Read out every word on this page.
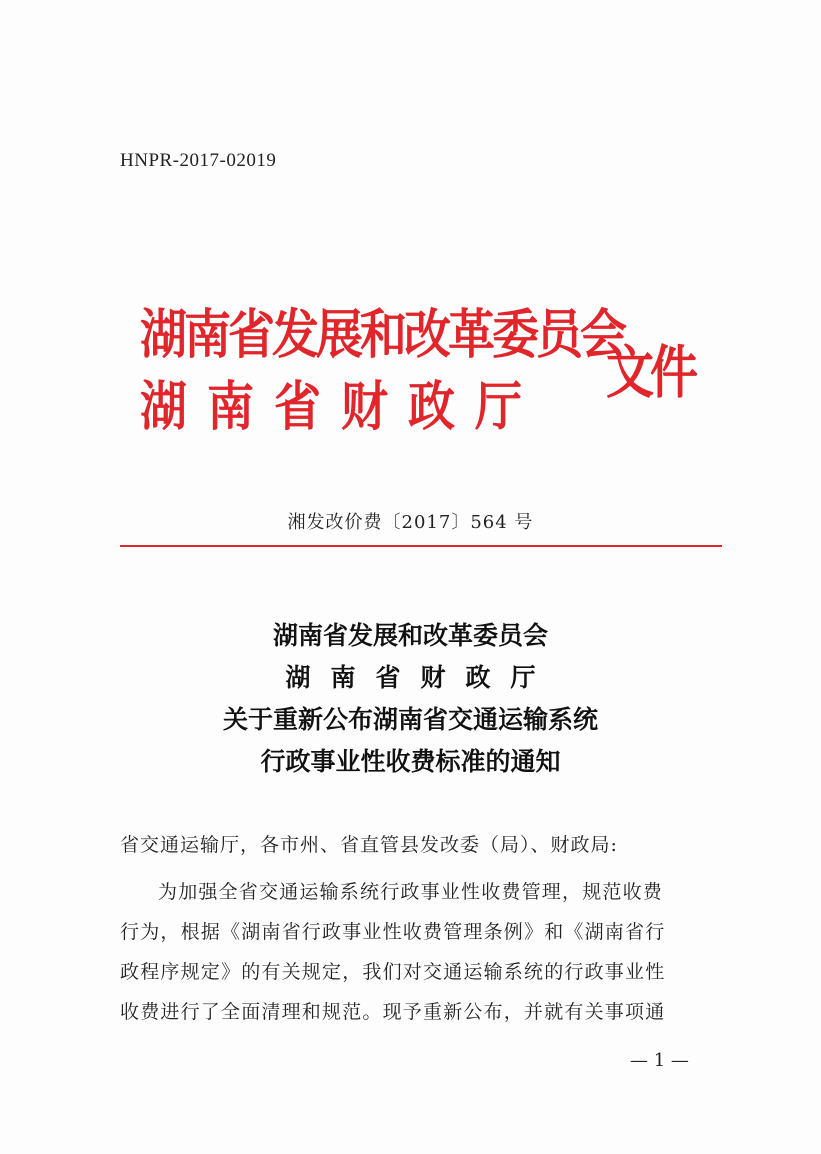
HNPR-2017-02019
湖南省发展和改革委员会
湖南省财政厅
文件
湘发改价费〔2017〕564 号
湖南省发展和改革委员会
湖南省财政厅
关于重新公布湖南省交通运输系统
行政事业性收费标准的通知
省交通运输厅，各市州、省直管县发改委（局）、财政局:
为加强全省交通运输系统行政事业性收费管理，规范收费
行为，根据《湖南省行政事业性收费管理条例》和《湖南省行
政程序规定》的有关规定，我们对交通运输系统的行政事业性
收费进行了全面清理和规范。现予重新公布，并就有关事项通
— 1 —
